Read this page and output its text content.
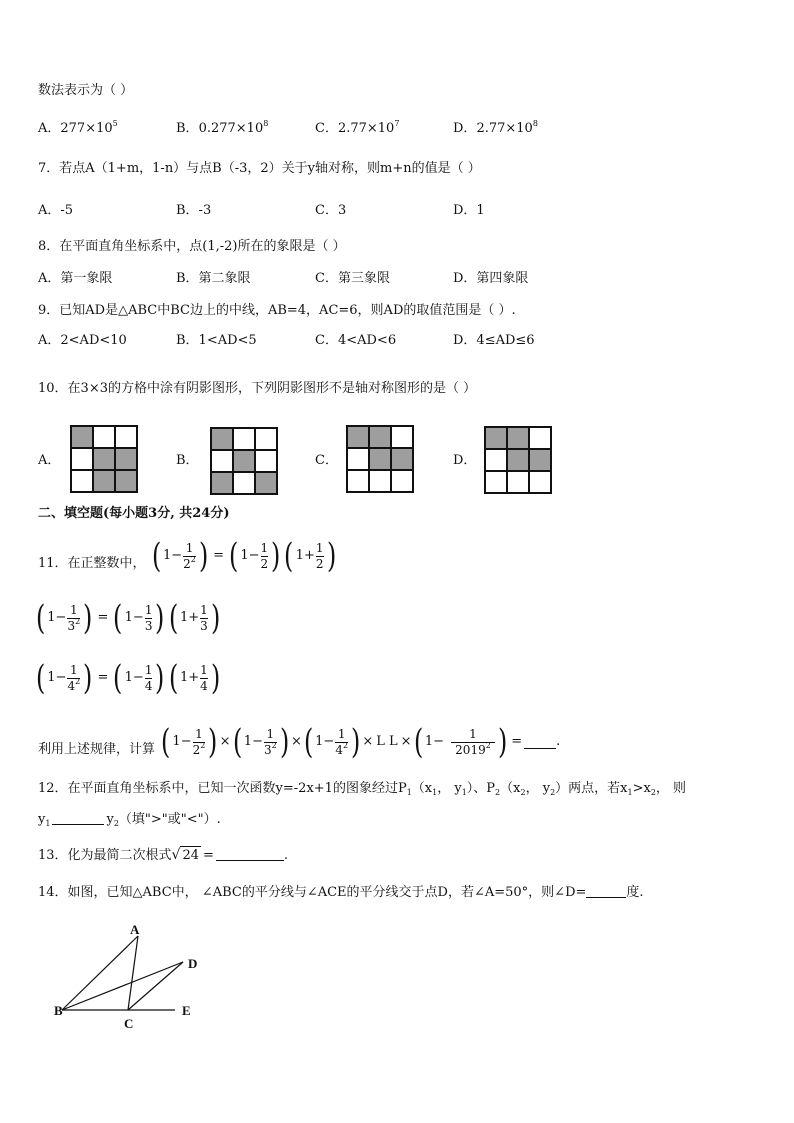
数法表示为（ ）
A．$277\times 10^5$	B．$0.277\times 10^8$	C．$2.77\times 10^7$	D．$2.77\times 10^8$
7．若点A（1+m，1-n）与点B（-3，2）关于y轴对称，则m+n的值是（ ）
A．-5	B．-3	C．3	D．1
8．在平面直角坐标系中，点(1,-2)所在的象限是（ ）
A．第一象限	B．第二象限	C．第三象限	D．第四象限
9．已知AD是△ABC中BC边上的中线，AB=4，AC=6，则AD的取值范围是（ ）.
A．2<AD<10	B．1<AD<5	C．4<AD<6	D．4≤AD≤6
10．在3×3的方格中涂有阴影图形，下列阴影图形不是轴对称图形的是（ ）
A．	B．	C．	D．
二、填空题(每小题3分, 共24分)
11．在正整数中， ( $1 - \frac{1}{2^2}$ ) = ( $1 - \frac{1}{2}$ ) ( $1 + \frac{1}{2}$ )
( $1 - \frac{1}{3^2}$ ) = ( $1 - \frac{1}{3}$ ) ( $1 + \frac{1}{3}$ )
( $1 - \frac{1}{4^2}$ ) = ( $1 - \frac{1}{4}$ ) ( $1 + \frac{1}{4}$ )
利用上述规律，计算 ( $1 - \frac{1}{2^2}$ ) × ( $1 - \frac{1}{3^2}$ ) × ( $1 - \frac{1}{4^2}$ ) × L L × ( $1 - \frac{1}{2019^2}$ ) =	.
12．在平面直角坐标系中，已知一次函数y=-2x+1的图象经过$P_1(x_1$， $y_1$）、$P_2(x_2$， $y_2$）两点，若$x_1>x_2$， 则
$y_1$	$y_2$（填">"或"<"）.
13．化为最简二次根式√ 24 =	.
14．如图，已知△ABC中， ∠ABC的平分线与∠ACE的平分线交于点D，若∠A=50°，则∠D=	度.
A
B
C
D
E
